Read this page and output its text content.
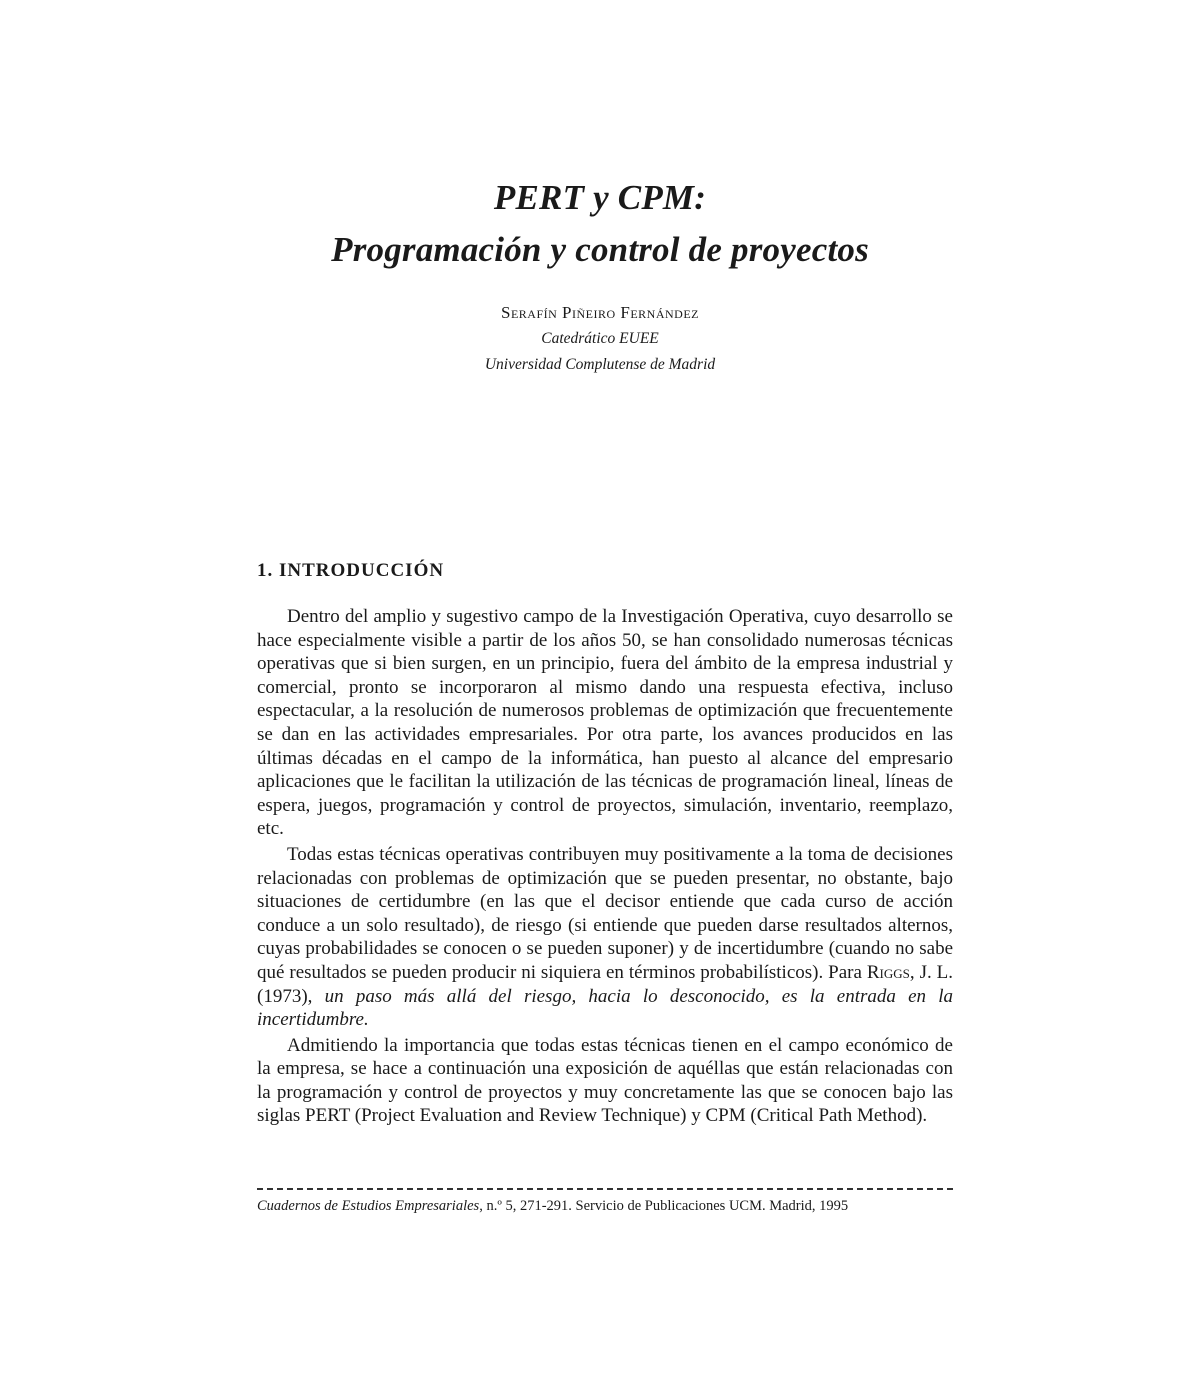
PERT y CPM:
Programación y control de proyectos
Serafín Piñeiro Fernández
Catedrático EUEE
Universidad Complutense de Madrid
1. INTRODUCCIÓN

Dentro del amplio y sugestivo campo de la Investigación Operativa, cuyo desarrollo se hace especialmente visible a partir de los años 50, se han consolidado numerosas técnicas operativas que si bien surgen, en un principio, fuera del ámbito de la empresa industrial y comercial, pronto se incorporaron al mismo dando una respuesta efectiva, incluso espectacular, a la resolución de numerosos problemas de optimización que frecuentemente se dan en las actividades empresariales. Por otra parte, los avances producidos en las últimas décadas en el campo de la informática, han puesto al alcance del empresario aplicaciones que le facilitan la utilización de las técnicas de programación lineal, líneas de espera, juegos, programación y control de proyectos, simulación, inventario, reemplazo, etc.

Todas estas técnicas operativas contribuyen muy positivamente a la toma de decisiones relacionadas con problemas de optimización que se pueden presentar, no obstante, bajo situaciones de certidumbre (en las que el decisor entiende que cada curso de acción conduce a un solo resultado), de riesgo (si entiende que pueden darse resultados alternos, cuyas probabilidades se conocen o se pueden suponer) y de incertidumbre (cuando no sabe qué resultados se pueden producir ni siquiera en términos probabilísticos). Para Riggs, J. L. (1973), un paso más allá del riesgo, hacia lo desconocido, es la entrada en la incertidumbre.

Admitiendo la importancia que todas estas técnicas tienen en el campo económico de la empresa, se hace a continuación una exposición de aquéllas que están relacionadas con la programación y control de proyectos y muy concretamente las que se conocen bajo las siglas PERT (Project Evaluation and Review Technique) y CPM (Critical Path Method).

Cuadernos de Estudios Empresariales, n.º 5, 271-291. Servicio de Publicaciones UCM. Madrid, 1995
